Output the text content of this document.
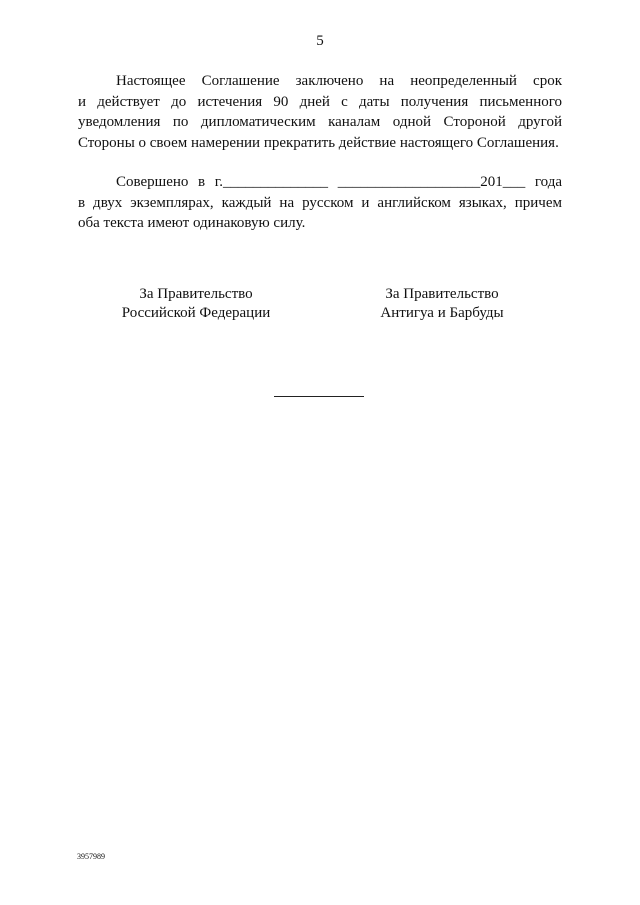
5

Настоящее Соглашение заключено на неопределенный срок
и действует до истечения 90 дней с даты получения письменного
уведомления по дипломатическим каналам одной Стороной другой
Стороны о своем намерении прекратить действие настоящего Соглашения.

Совершено в г.______________ ___________________201___ года
в двух экземплярах, каждый на русском и английском языках, причем
оба текста имеют одинаковую силу.

За Правительство
Российской Федерации
За Правительство
Антигуа и Барбуды
3957989
